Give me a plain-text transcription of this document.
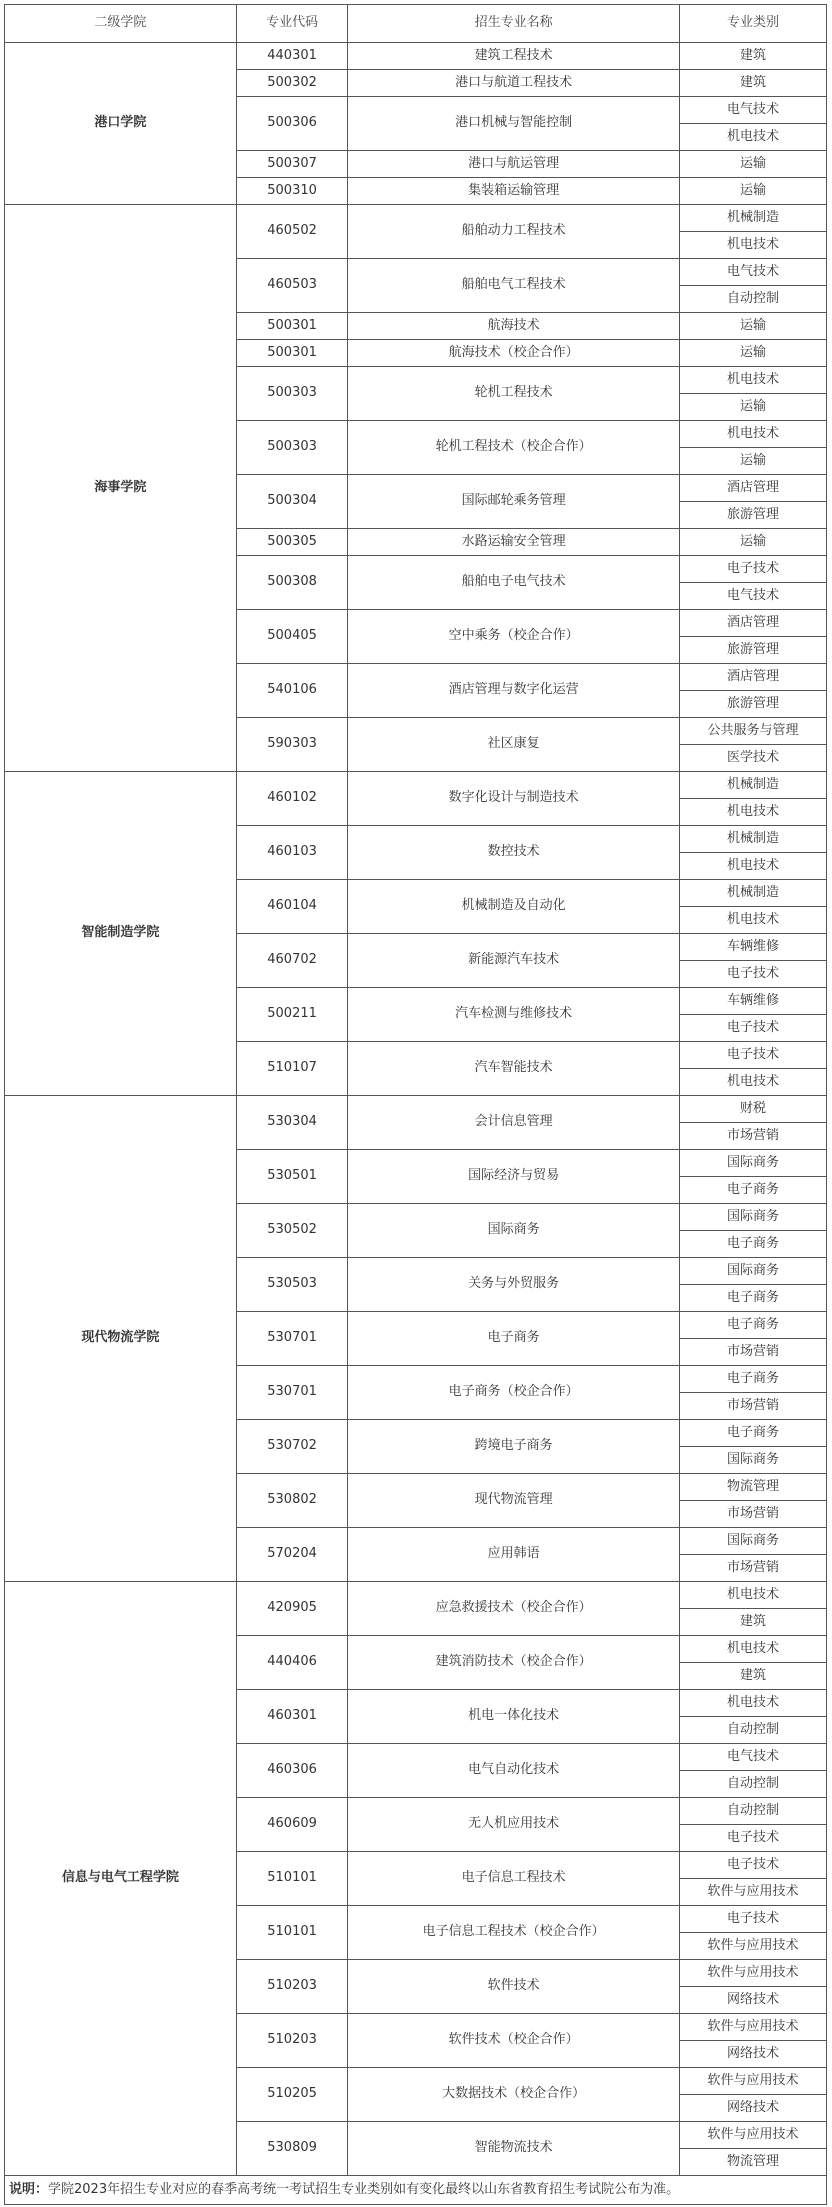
二级学院	专业代码	招生专业名称	专业类别
港口学院	440301	建筑工程技术	建筑
	500302	港口与航道工程技术	建筑
	500306	港口机械与智能控制	电气技术
			机电技术
	500307	港口与航运管理	运输
	500310	集装箱运输管理	运输
海事学院	460502	船舶动力工程技术	机械制造
			机电技术
	460503	船舶电气工程技术	电气技术
			自动控制
	500301	航海技术	运输
	500301	航海技术（校企合作）	运输
	500303	轮机工程技术	机电技术
			运输
	500303	轮机工程技术（校企合作）	机电技术
			运输
	500304	国际邮轮乘务管理	酒店管理
			旅游管理
	500305	水路运输安全管理	运输
	500308	船舶电子电气技术	电子技术
			电气技术
	500405	空中乘务（校企合作）	酒店管理
			旅游管理
	540106	酒店管理与数字化运营	酒店管理
			旅游管理
	590303	社区康复	公共服务与管理
			医学技术
智能制造学院	460102	数字化设计与制造技术	机械制造
			机电技术
	460103	数控技术	机械制造
			机电技术
	460104	机械制造及自动化	机械制造
			机电技术
	460702	新能源汽车技术	车辆维修
			电子技术
	500211	汽车检测与维修技术	车辆维修
			电子技术
	510107	汽车智能技术	电子技术
			机电技术
现代物流学院	530304	会计信息管理	财税
			市场营销
	530501	国际经济与贸易	国际商务
			电子商务
	530502	国际商务	国际商务
			电子商务
	530503	关务与外贸服务	国际商务
			电子商务
	530701	电子商务	电子商务
			市场营销
	530701	电子商务（校企合作）	电子商务
			市场营销
	530702	跨境电子商务	电子商务
			国际商务
	530802	现代物流管理	物流管理
			市场营销
	570204	应用韩语	国际商务
			市场营销
信息与电气工程学院	420905	应急救援技术（校企合作）	机电技术
			建筑
	440406	建筑消防技术（校企合作）	机电技术
			建筑
	460301	机电一体化技术	机电技术
			自动控制
	460306	电气自动化技术	电气技术
			自动控制
	460609	无人机应用技术	自动控制
			电子技术
	510101	电子信息工程技术	电子技术
			软件与应用技术
	510101	电子信息工程技术（校企合作）	电子技术
			软件与应用技术
	510203	软件技术	软件与应用技术
			网络技术
	510203	软件技术（校企合作）	软件与应用技术
			网络技术
	510205	大数据技术（校企合作）	软件与应用技术
			网络技术
	530809	智能物流技术	软件与应用技术
			物流管理
说明：学院2023年招生专业对应的春季高考统一考试招生专业类别如有变化最终以山东省教育招生考试院公布为准。			
